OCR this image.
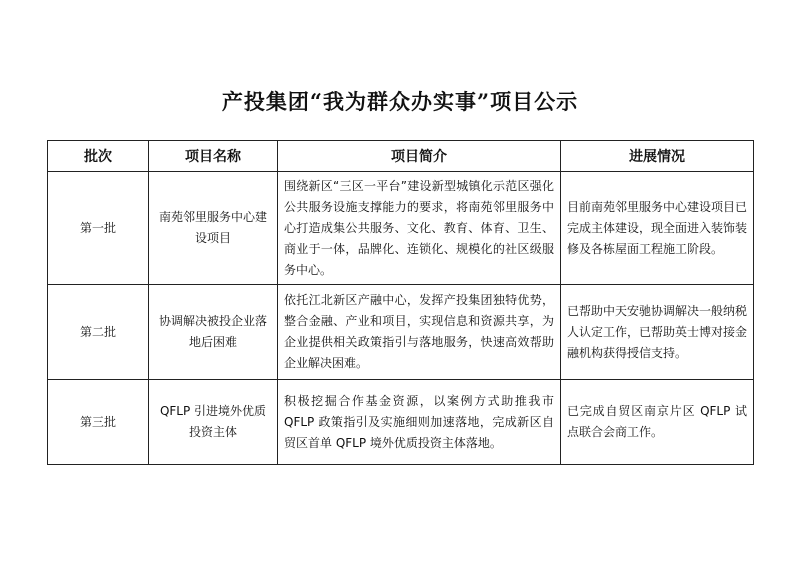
产投集团“我为群众办实事”项目公示
批次	项目名称	项目简介	进展情况
第一批	南苑邻里服务中心建设项目	围绕新区“三区一平台”建设新型城镇化示范区强化公共服务设施支撑能力的要求，将南苑邻里服务中心打造成集公共服务、文化、教育、体育、卫生、商业于一体，品牌化、连锁化、规模化的社区级服务中心。	目前南苑邻里服务中心建设项目已完成主体建设，现全面进入装饰装修及各栋屋面工程施工阶段。
第二批	协调解决被投企业落地后困难	依托江北新区产融中心，发挥产投集团独特优势，整合金融、产业和项目，实现信息和资源共享，为企业提供相关政策指引与落地服务，快速高效帮助企业解决困难。	已帮助中天安驰协调解决一般纳税人认定工作，已帮助英士博对接金融机构获得授信支持。
第三批	QFLP 引进境外优质投资主体	积极挖掘合作基金资源，以案例方式助推我市QFLP 政策指引及实施细则加速落地，完成新区自贸区首单 QFLP 境外优质投资主体落地。	已完成自贸区南京片区 QFLP 试点联合会商工作。
